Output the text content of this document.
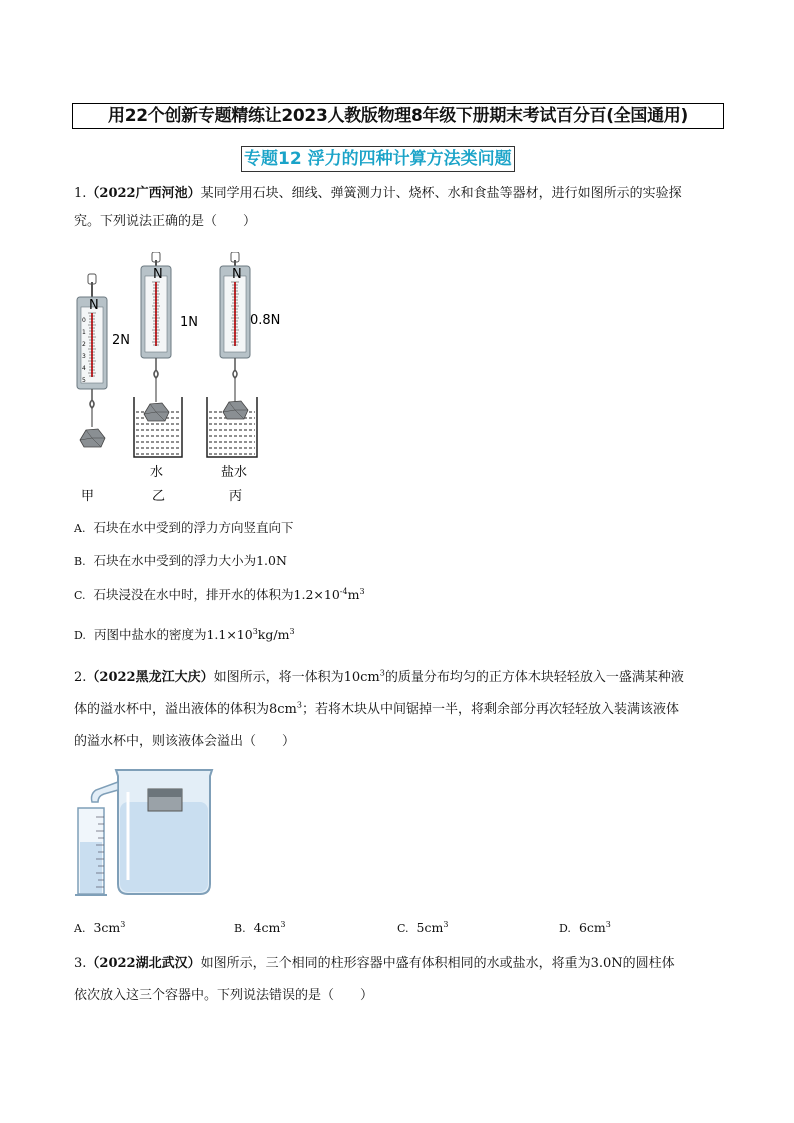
用22个创新专题精练让2023人教版物理8年级下册期末考试百分百(全国通用)
专题12 浮力的四种计算方法类问题
1.（2022广西河池）某同学用石块、细线、弹簧测力计、烧杯、水和食盐等器材，进行如图所示的实验探
究。下列说法正确的是（　　）
N
0
1
2
3
4
5
2N
N
1N
水
乙
N
0.8N
盐水
丙
甲
A. 石块在水中受到的浮力方向竖直向下
B. 石块在水中受到的浮力大小为1.0N
C. 石块浸没在水中时，排开水的体积为$1.2\times 10^{-4}m^3$
D. 丙图中盐水的密度为$1.1\times 10^3kg/m^3$
2.（2022黑龙江大庆）如图所示，将一体积为$10cm^3$的质量分布均匀的正方体木块轻轻放入一盛满某种液
体的溢水杯中，溢出液体的体积为$8cm^3$；若将木块从中间锯掉一半，将剩余部分再次轻轻放入装满该液体
的溢水杯中，则该液体会溢出（　　）
A. $3cm^3$	B. $4cm^3$	C. $5cm^3$	D. $6cm^3$
3.（2022湖北武汉）如图所示，三个相同的柱形容器中盛有体积相同的水或盐水，将重为3.0N的圆柱体
依次放入这三个容器中。下列说法错误的是（　　）
